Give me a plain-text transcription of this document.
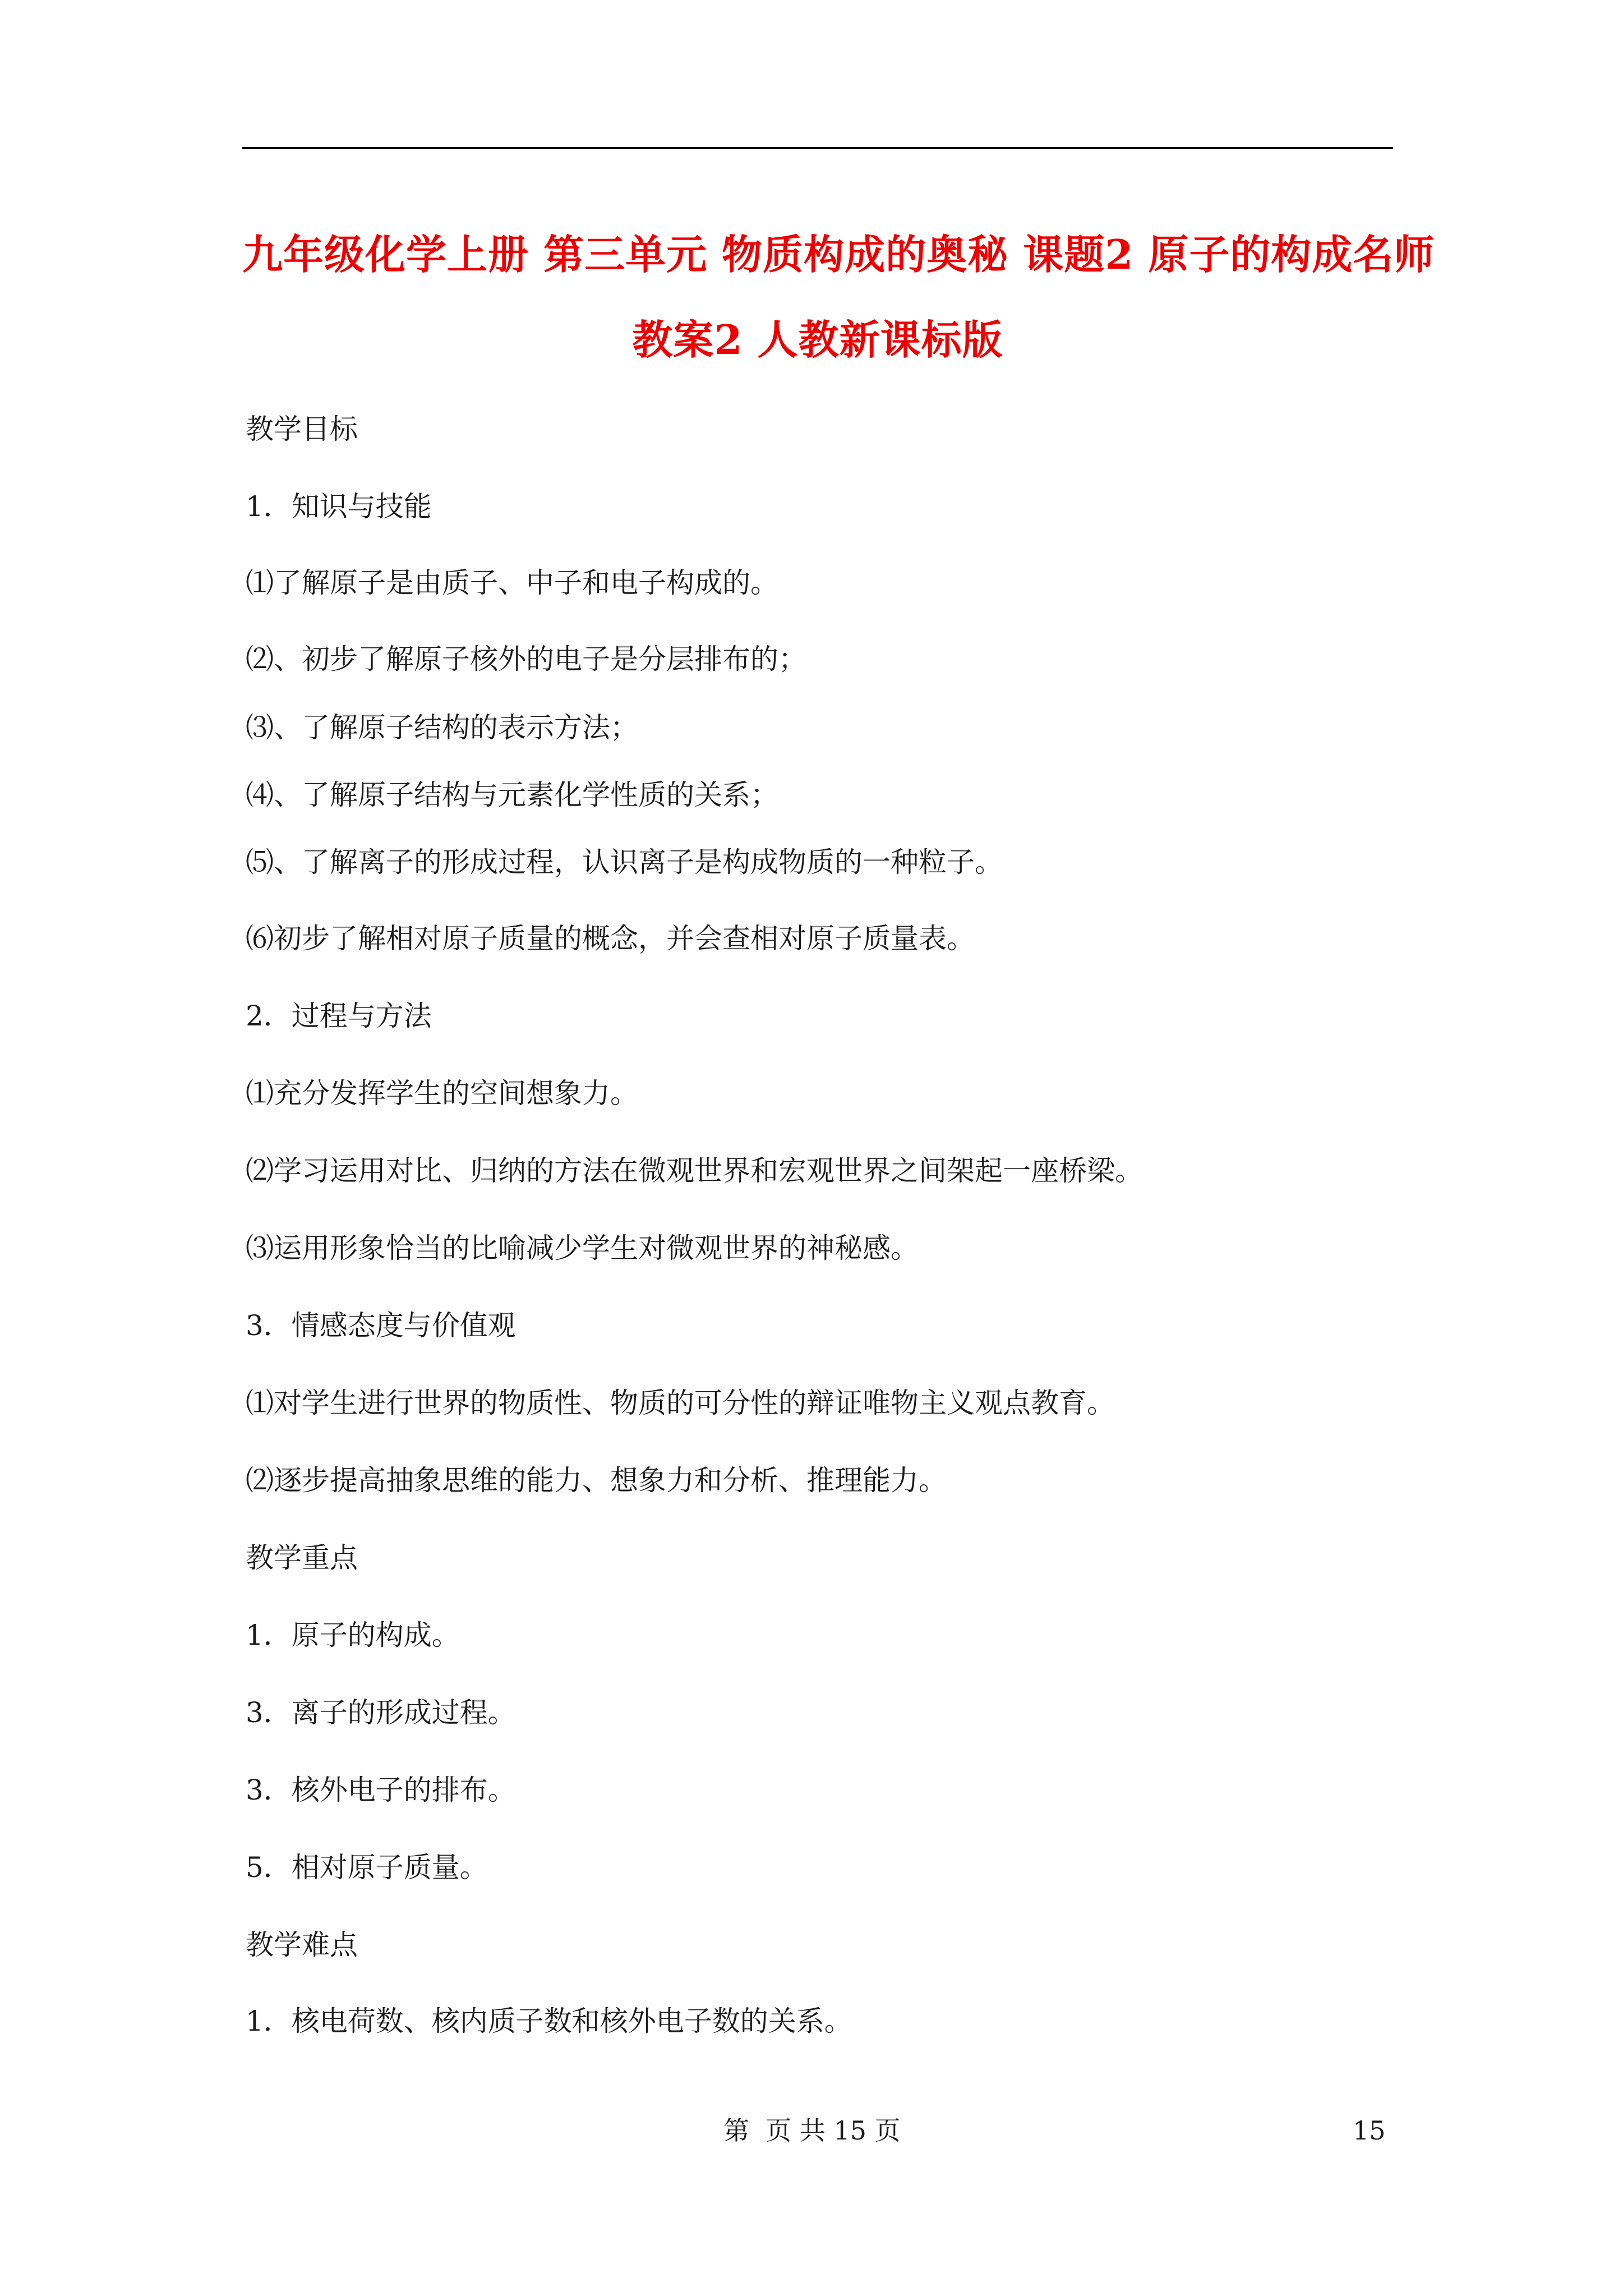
九年级化学上册 第三单元 物质构成的奥秘 课题2 原子的构成名师
教案2 人教新课标版
教学目标
1．知识与技能
⑴了解原子是由质子、中子和电子构成的。
⑵、初步了解原子核外的电子是分层排布的；
⑶、了解原子结构的表示方法；
⑷、了解原子结构与元素化学性质的关系；
⑸、了解离子的形成过程，认识离子是构成物质的一种粒子。
⑹初步了解相对原子质量的概念，并会查相对原子质量表。
2．过程与方法
⑴充分发挥学生的空间想象力。
⑵学习运用对比、归纳的方法在微观世界和宏观世界之间架起一座桥梁。
⑶运用形象恰当的比喻减少学生对微观世界的神秘感。
3．情感态度与价值观
⑴对学生进行世界的物质性、物质的可分性的辩证唯物主义观点教育。
⑵逐步提高抽象思维的能力、想象力和分析、推理能力。
教学重点
1．原子的构成。
3．离子的形成过程。
3．核外电子的排布。
5．相对原子质量。
教学难点
1．核电荷数、核内质子数和核外电子数的关系。
第  页 共 15 页	15
